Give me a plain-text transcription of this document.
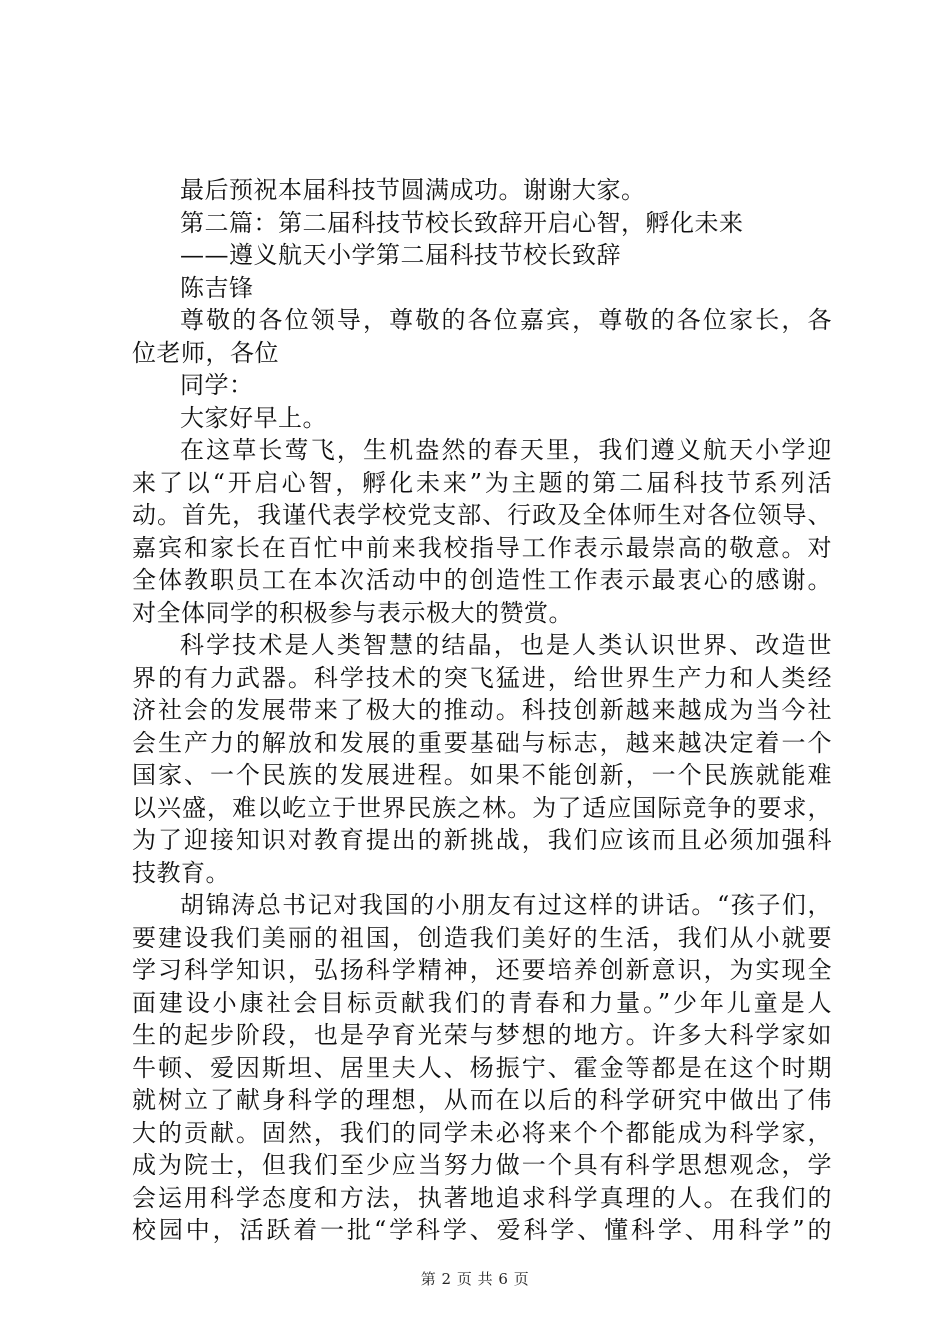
最后预祝本届科技节圆满成功。谢谢大家。
第二篇：第二届科技节校长致辞开启心智，孵化未来
——遵义航天小学第二届科技节校长致辞
陈吉锋
尊敬的各位领导，尊敬的各位嘉宾，尊敬的各位家长，各
位老师，各位
同学：
大家好早上。
在这草长莺飞，生机盎然的春天里，我们遵义航天小学迎
来了以“开启心智，孵化未来”为主题的第二届科技节系列活
动。首先，我谨代表学校党支部、行政及全体师生对各位领导、
嘉宾和家长在百忙中前来我校指导工作表示最崇高的敬意。对
全体教职员工在本次活动中的创造性工作表示最衷心的感谢。
对全体同学的积极参与表示极大的赞赏。
科学技术是人类智慧的结晶，也是人类认识世界、改造世
界的有力武器。科学技术的突飞猛进，给世界生产力和人类经
济社会的发展带来了极大的推动。科技创新越来越成为当今社
会生产力的解放和发展的重要基础与标志，越来越决定着一个
国家、一个民族的发展进程。如果不能创新，一个民族就能难
以兴盛，难以屹立于世界民族之林。为了适应国际竞争的要求，
为了迎接知识对教育提出的新挑战，我们应该而且必须加强科
技教育。
胡锦涛总书记对我国的小朋友有过这样的讲话。“孩子们，
要建设我们美丽的祖国，创造我们美好的生活，我们从小就要
学习科学知识，弘扬科学精神，还要培养创新意识，为实现全
面建设小康社会目标贡献我们的青春和力量。”少年儿童是人
生的起步阶段，也是孕育光荣与梦想的地方。许多大科学家如
牛顿、爱因斯坦、居里夫人、杨振宁、霍金等都是在这个时期
就树立了献身科学的理想，从而在以后的科学研究中做出了伟
大的贡献。固然，我们的同学未必将来个个都能成为科学家，
成为院士，但我们至少应当努力做一个具有科学思想观念，学
会运用科学态度和方法，执著地追求科学真理的人。在我们的
校园中，活跃着一批“学科学、爱科学、懂科学、用科学”的
第 2 页 共 6 页
